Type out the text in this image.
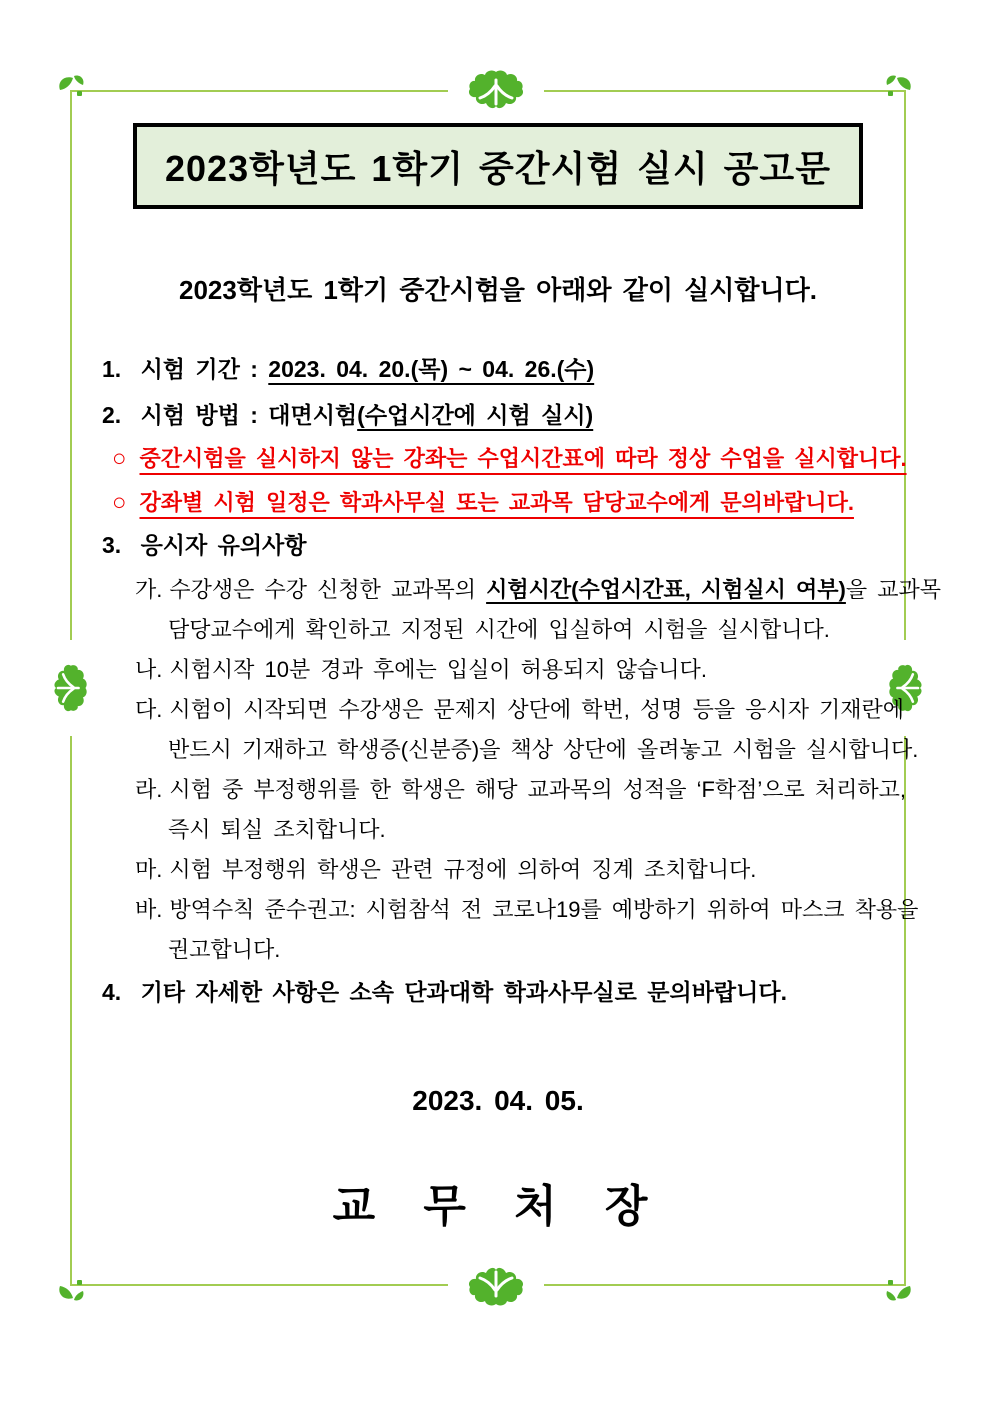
2023학년도 1학기 중간시험 실시 공고문
2023학년도 1학기 중간시험을 아래와 같이 실시합니다.
1. 시험 기간 : 2023. 04. 20.(목) ~ 04. 26.(수)
2. 시험 방법 : 대면시험(수업시간에 시험 실시)
○ 중간시험을 실시하지 않는 강좌는 수업시간표에 따라 정상 수업을 실시합니다.
○ 강좌별 시험 일정은 학과사무실 또는 교과목 담당교수에게 문의바랍니다.
3. 응시자 유의사항
가. 수강생은 수강 신청한 교과목의 시험시간(수업시간표, 시험실시 여부)을 교과목
담당교수에게 확인하고 지정된 시간에 입실하여 시험을 실시합니다.
나. 시험시작 10분 경과 후에는 입실이 허용되지 않습니다.
다. 시험이 시작되면 수강생은 문제지 상단에 학번, 성명 등을 응시자 기재란에
반드시 기재하고 학생증(신분증)을 책상 상단에 올려놓고 시험을 실시합니다.
라. 시험 중 부정행위를 한 학생은 해당 교과목의 성적을 ‘F학점’으로 처리하고,
즉시 퇴실 조치합니다.
마. 시험 부정행위 학생은 관련 규정에 의하여 징계 조치합니다.
바. 방역수칙 준수권고: 시험참석 전 코로나19를 예방하기 위하여 마스크 착용을
권고합니다.
4. 기타 자세한 사항은 소속 단과대학 학과사무실로 문의바랍니다.
2023. 04. 05.
교 무 처 장
